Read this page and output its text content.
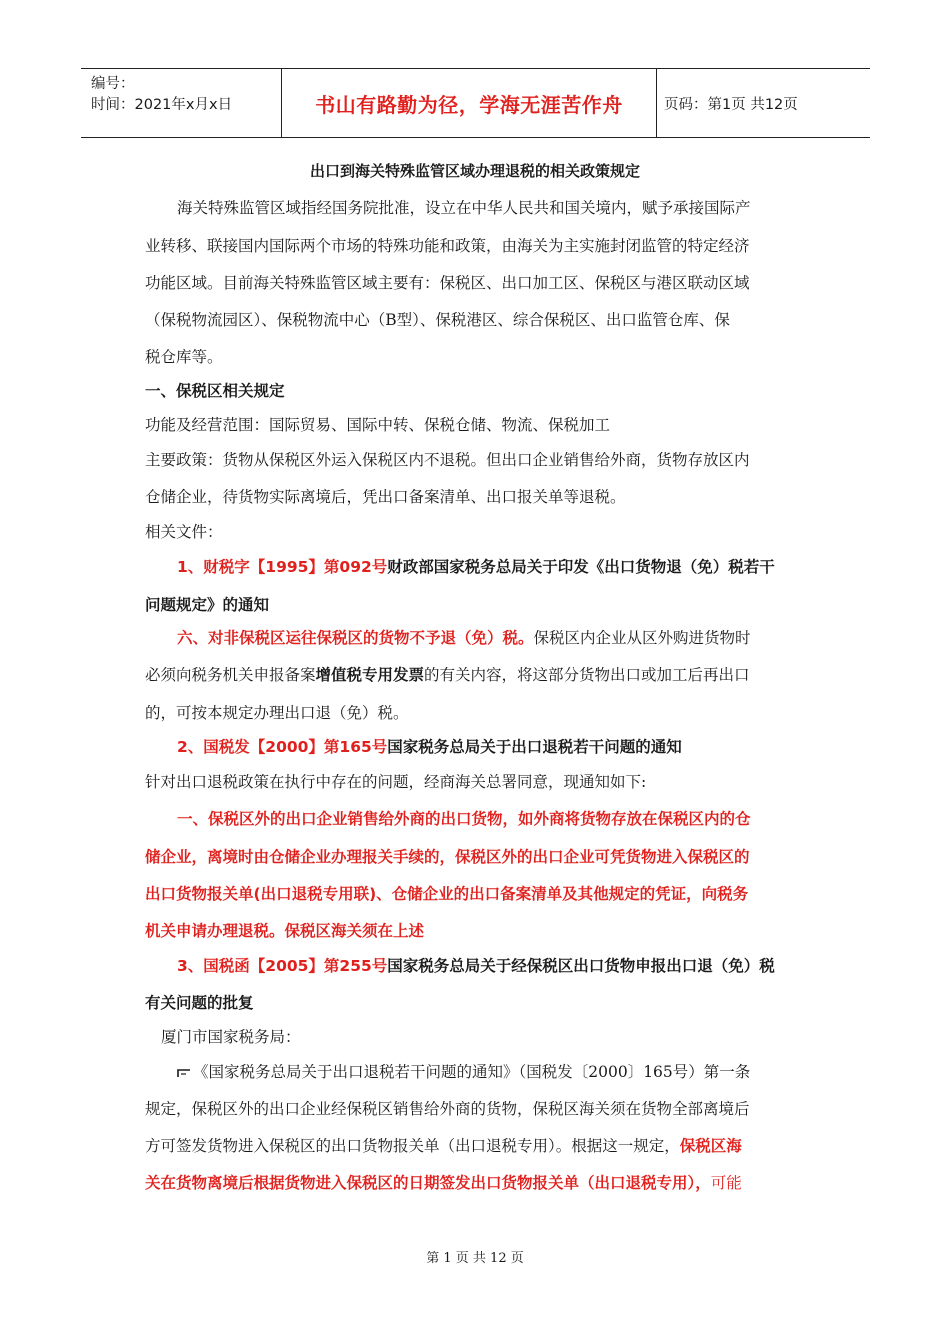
编号：
时间：2021年x月x日	书山有路勤为径，学海无涯苦作舟	页码：第1页 共12页
出口到海关特殊监管区域办理退税的相关政策规定
海关特殊监管区域指经国务院批准，设立在中华人民共和国关境内，赋予承接国际产
业转移、联接国内国际两个市场的特殊功能和政策，由海关为主实施封闭监管的特定经济
功能区域。目前海关特殊监管区域主要有：保税区、出口加工区、保税区与港区联动区域
（保税物流园区）、保税物流中心（B型）、保税港区、综合保税区、出口监管仓库、保
税仓库等。
一、保税区相关规定
功能及经营范围：国际贸易、国际中转、保税仓储、物流、保税加工
主要政策：货物从保税区外运入保税区内不退税。但出口企业销售给外商，货物存放区内
仓储企业，待货物实际离境后，凭出口备案清单、出口报关单等退税。
相关文件：
1、财税字【1995】第092号财政部国家税务总局关于印发《出口货物退（免）税若干
问题规定》的通知
六、对非保税区运往保税区的货物不予退（免）税。保税区内企业从区外购进货物时
必须向税务机关申报备案增值税专用发票的有关内容，将这部分货物出口或加工后再出口
的，可按本规定办理出口退（免）税。
2、国税发【2000】第165号国家税务总局关于出口退税若干问题的通知
针对出口退税政策在执行中存在的问题，经商海关总署同意，现通知如下:
一、保税区外的出口企业销售给外商的出口货物，如外商将货物存放在保税区内的仓
储企业，离境时由仓储企业办理报关手续的，保税区外的出口企业可凭货物进入保税区的
出口货物报关单(出口退税专用联)、仓储企业的出口备案清单及其他规定的凭证，向税务
机关申请办理退税。保税区海关须在上述
3、国税函【2005】第255号国家税务总局关于经保税区出口货物申报出口退（免）税
有关问题的批复
厦门市国家税务局：
《国家税务总局关于出口退税若干问题的通知》（国税发〔2000〕165号）第一条
规定，保税区外的出口企业经保税区销售给外商的货物，保税区海关须在货物全部离境后
方可签发货物进入保税区的出口货物报关单（出口退税专用）。根据这一规定，保税区海
关在货物离境后根据货物进入保税区的日期签发出口货物报关单（出口退税专用），可能
第 1 页 共 12 页
